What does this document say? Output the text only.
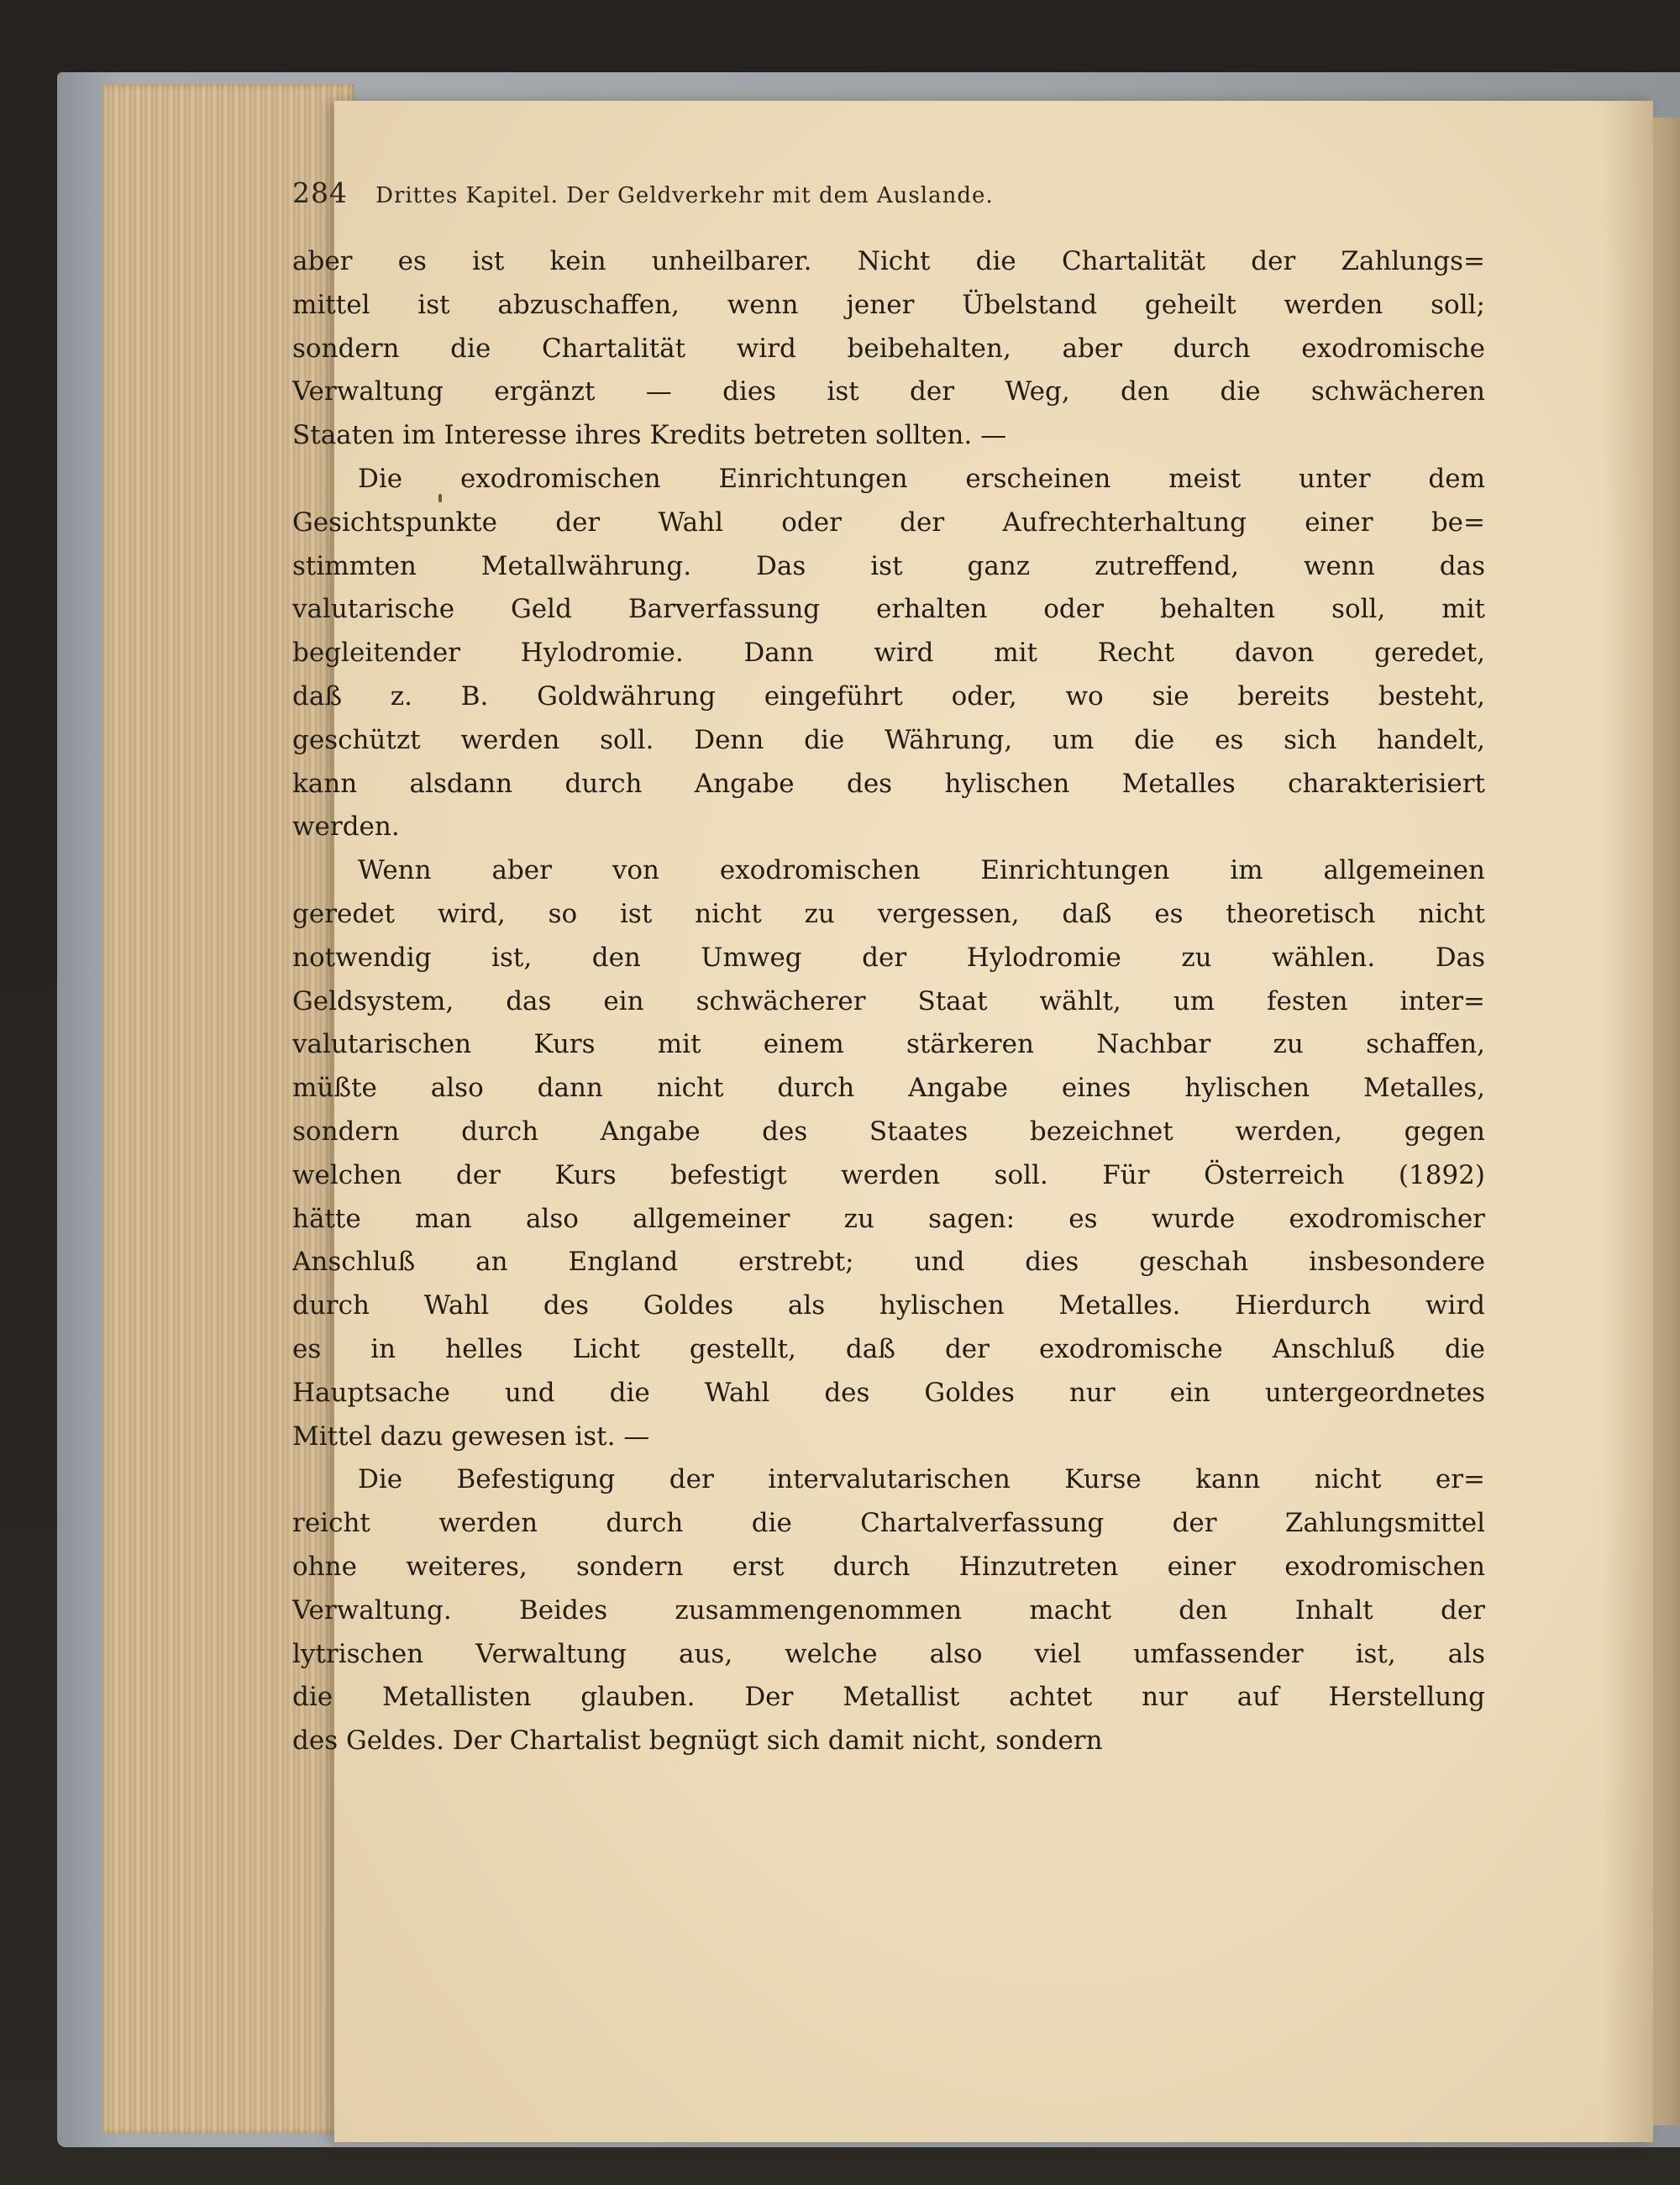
284 Drittes Kapitel. Der Geldverkehr mit dem Auslande.
aber es ist kein unheilbarer. Nicht die Chartalität der Zahlungs=
mittel ist abzuschaffen, wenn jener Übelstand geheilt werden soll;
sondern die Chartalität wird beibehalten, aber durch exodromische
Verwaltung ergänzt — dies ist der Weg, den die schwächeren
Staaten im Interesse ihres Kredits betreten sollten. —
Die exodromischen Einrichtungen erscheinen meist unter dem
Gesichtspunkte der Wahl oder der Aufrechterhaltung einer be=
stimmten Metallwährung. Das ist ganz zutreffend, wenn das
valutarische Geld Barverfassung erhalten oder behalten soll, mit
begleitender Hylodromie. Dann wird mit Recht davon geredet,
daß z. B. Goldwährung eingeführt oder, wo sie bereits besteht,
geschützt werden soll. Denn die Währung, um die es sich handelt,
kann alsdann durch Angabe des hylischen Metalles charakterisiert
werden.
Wenn aber von exodromischen Einrichtungen im allgemeinen
geredet wird, so ist nicht zu vergessen, daß es theoretisch nicht
notwendig ist, den Umweg der Hylodromie zu wählen. Das
Geldsystem, das ein schwächerer Staat wählt, um festen inter=
valutarischen Kurs mit einem stärkeren Nachbar zu schaffen,
müßte also dann nicht durch Angabe eines hylischen Metalles,
sondern durch Angabe des Staates bezeichnet werden, gegen
welchen der Kurs befestigt werden soll. Für Österreich (1892)
hätte man also allgemeiner zu sagen: es wurde exodromischer
Anschluß an England erstrebt; und dies geschah insbesondere
durch Wahl des Goldes als hylischen Metalles. Hierdurch wird
es in helles Licht gestellt, daß der exodromische Anschluß die
Hauptsache und die Wahl des Goldes nur ein untergeordnetes
Mittel dazu gewesen ist. —
Die Befestigung der intervalutarischen Kurse kann nicht er=
reicht werden durch die Chartalverfassung der Zahlungsmittel
ohne weiteres, sondern erst durch Hinzutreten einer exodromischen
Verwaltung. Beides zusammengenommen macht den Inhalt der
lytrischen Verwaltung aus, welche also viel umfassender ist, als
die Metallisten glauben. Der Metallist achtet nur auf Herstellung
des Geldes. Der Chartalist begnügt sich damit nicht, sondern
